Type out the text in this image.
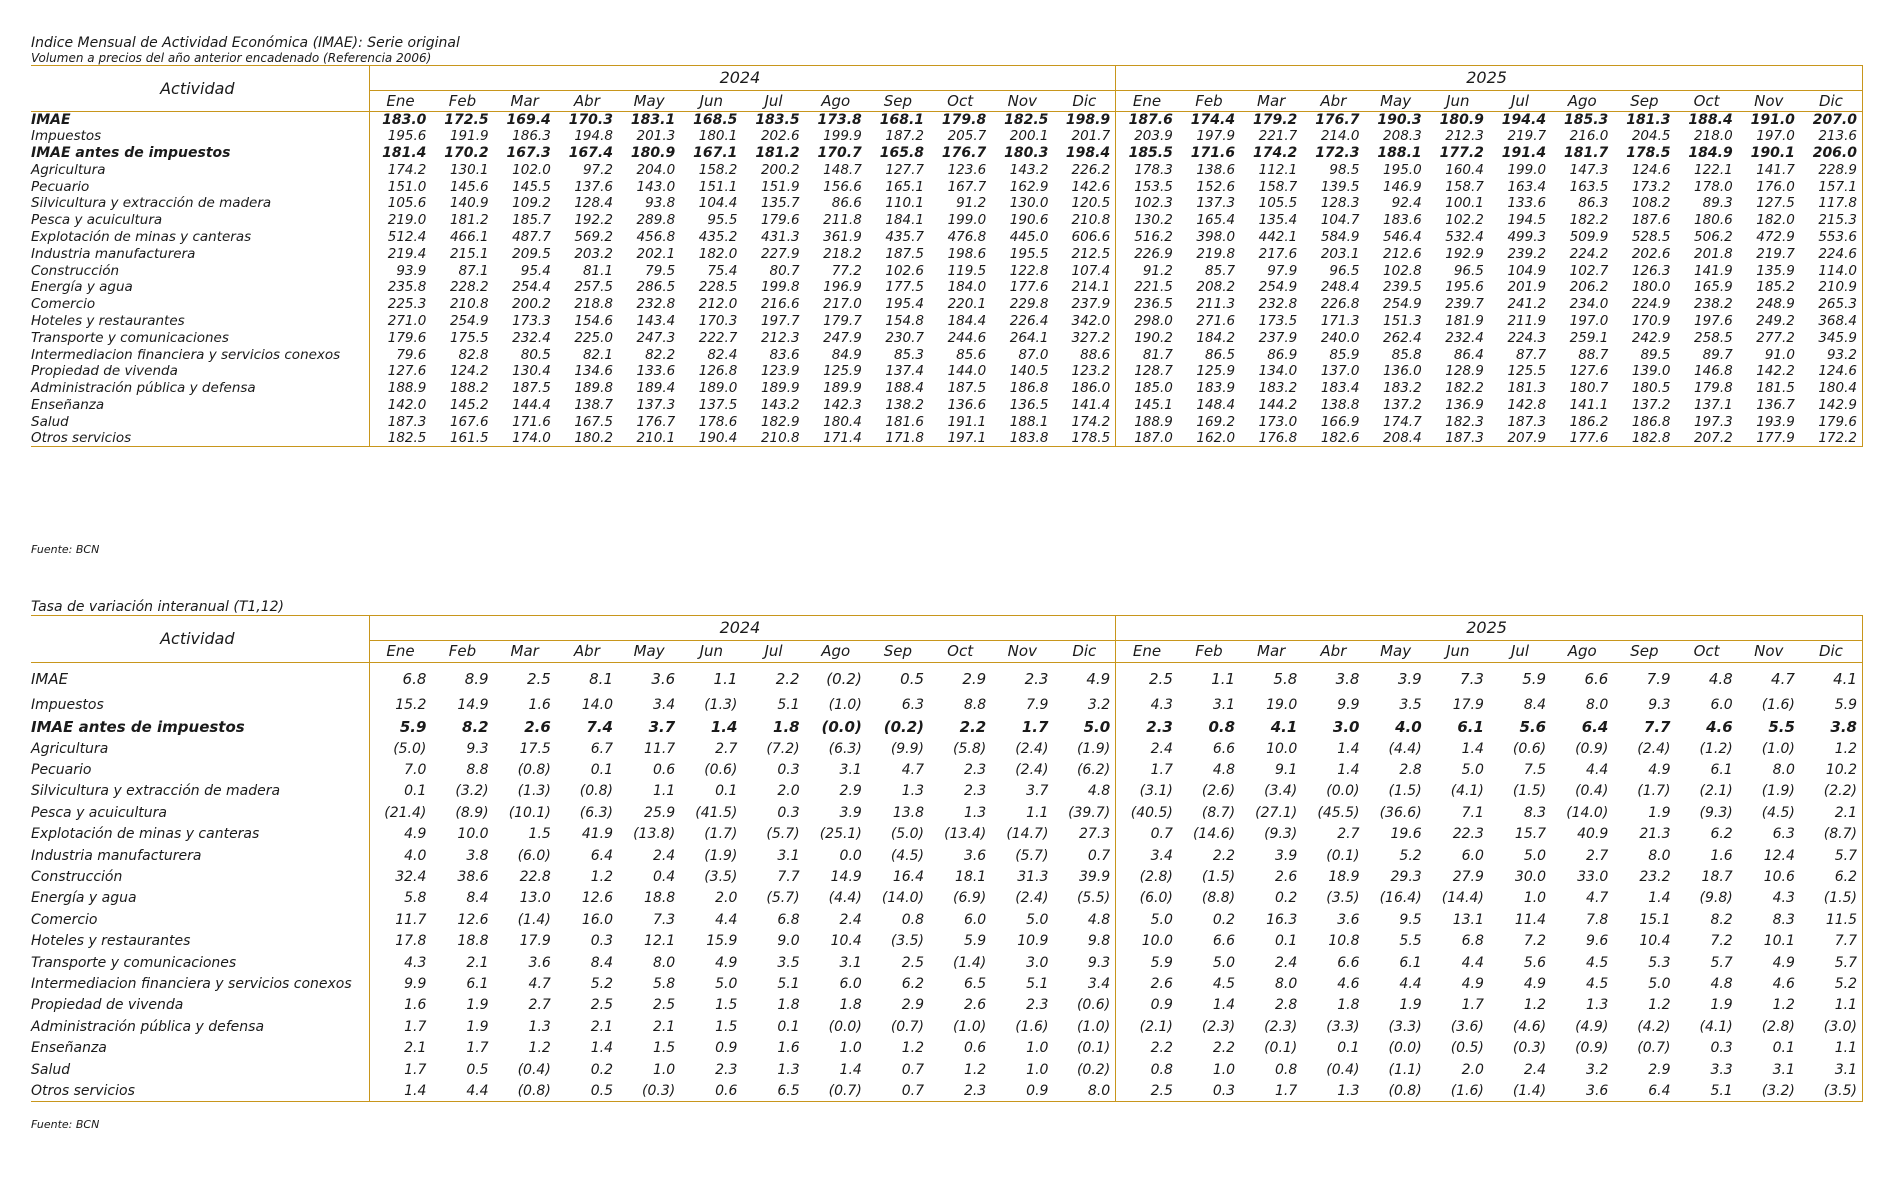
Indice Mensual de Actividad Económica (IMAE): Serie original
Volumen a precios del año anterior encadenado (Referencia 2006)
Actividad	2024												2025											
	Ene	Feb	Mar	Abr	May	Jun	Jul	Ago	Sep	Oct	Nov	Dic	Ene	Feb	Mar	Abr	May	Jun	Jul	Ago	Sep	Oct	Nov	Dic
IMAE	183.0	172.5	169.4	170.3	183.1	168.5	183.5	173.8	168.1	179.8	182.5	198.9	187.6	174.4	179.2	176.7	190.3	180.9	194.4	185.3	181.3	188.4	191.0	207.0
Impuestos	195.6	191.9	186.3	194.8	201.3	180.1	202.6	199.9	187.2	205.7	200.1	201.7	203.9	197.9	221.7	214.0	208.3	212.3	219.7	216.0	204.5	218.0	197.0	213.6
IMAE antes de impuestos	181.4	170.2	167.3	167.4	180.9	167.1	181.2	170.7	165.8	176.7	180.3	198.4	185.5	171.6	174.2	172.3	188.1	177.2	191.4	181.7	178.5	184.9	190.1	206.0
Agricultura	174.2	130.1	102.0	97.2	204.0	158.2	200.2	148.7	127.7	123.6	143.2	226.2	178.3	138.6	112.1	98.5	195.0	160.4	199.0	147.3	124.6	122.1	141.7	228.9
Pecuario	151.0	145.6	145.5	137.6	143.0	151.1	151.9	156.6	165.1	167.7	162.9	142.6	153.5	152.6	158.7	139.5	146.9	158.7	163.4	163.5	173.2	178.0	176.0	157.1
Silvicultura y extracción de madera	105.6	140.9	109.2	128.4	93.8	104.4	135.7	86.6	110.1	91.2	130.0	120.5	102.3	137.3	105.5	128.3	92.4	100.1	133.6	86.3	108.2	89.3	127.5	117.8
Pesca y acuicultura	219.0	181.2	185.7	192.2	289.8	95.5	179.6	211.8	184.1	199.0	190.6	210.8	130.2	165.4	135.4	104.7	183.6	102.2	194.5	182.2	187.6	180.6	182.0	215.3
Explotación de minas y canteras	512.4	466.1	487.7	569.2	456.8	435.2	431.3	361.9	435.7	476.8	445.0	606.6	516.2	398.0	442.1	584.9	546.4	532.4	499.3	509.9	528.5	506.2	472.9	553.6
Industria manufacturera	219.4	215.1	209.5	203.2	202.1	182.0	227.9	218.2	187.5	198.6	195.5	212.5	226.9	219.8	217.6	203.1	212.6	192.9	239.2	224.2	202.6	201.8	219.7	224.6
Construcción	93.9	87.1	95.4	81.1	79.5	75.4	80.7	77.2	102.6	119.5	122.8	107.4	91.2	85.7	97.9	96.5	102.8	96.5	104.9	102.7	126.3	141.9	135.9	114.0
Energía y agua	235.8	228.2	254.4	257.5	286.5	228.5	199.8	196.9	177.5	184.0	177.6	214.1	221.5	208.2	254.9	248.4	239.5	195.6	201.9	206.2	180.0	165.9	185.2	210.9
Comercio	225.3	210.8	200.2	218.8	232.8	212.0	216.6	217.0	195.4	220.1	229.8	237.9	236.5	211.3	232.8	226.8	254.9	239.7	241.2	234.0	224.9	238.2	248.9	265.3
Hoteles y restaurantes	271.0	254.9	173.3	154.6	143.4	170.3	197.7	179.7	154.8	184.4	226.4	342.0	298.0	271.6	173.5	171.3	151.3	181.9	211.9	197.0	170.9	197.6	249.2	368.4
Transporte y comunicaciones	179.6	175.5	232.4	225.0	247.3	222.7	212.3	247.9	230.7	244.6	264.1	327.2	190.2	184.2	237.9	240.0	262.4	232.4	224.3	259.1	242.9	258.5	277.2	345.9
Intermediacion financiera y servicios conexos	79.6	82.8	80.5	82.1	82.2	82.4	83.6	84.9	85.3	85.6	87.0	88.6	81.7	86.5	86.9	85.9	85.8	86.4	87.7	88.7	89.5	89.7	91.0	93.2
Propiedad de vivenda	127.6	124.2	130.4	134.6	133.6	126.8	123.9	125.9	137.4	144.0	140.5	123.2	128.7	125.9	134.0	137.0	136.0	128.9	125.5	127.6	139.0	146.8	142.2	124.6
Administración pública y defensa	188.9	188.2	187.5	189.8	189.4	189.0	189.9	189.9	188.4	187.5	186.8	186.0	185.0	183.9	183.2	183.4	183.2	182.2	181.3	180.7	180.5	179.8	181.5	180.4
Enseñanza	142.0	145.2	144.4	138.7	137.3	137.5	143.2	142.3	138.2	136.6	136.5	141.4	145.1	148.4	144.2	138.8	137.2	136.9	142.8	141.1	137.2	137.1	136.7	142.9
Salud	187.3	167.6	171.6	167.5	176.7	178.6	182.9	180.4	181.6	191.1	188.1	174.2	188.9	169.2	173.0	166.9	174.7	182.3	187.3	186.2	186.8	197.3	193.9	179.6
Otros servicios	182.5	161.5	174.0	180.2	210.1	190.4	210.8	171.4	171.8	197.1	183.8	178.5	187.0	162.0	176.8	182.6	208.4	187.3	207.9	177.6	182.8	207.2	177.9	172.2
Fuente: BCN
Tasa de variación interanual (T1,12)
Actividad	2024												2025											
	Ene	Feb	Mar	Abr	May	Jun	Jul	Ago	Sep	Oct	Nov	Dic	Ene	Feb	Mar	Abr	May	Jun	Jul	Ago	Sep	Oct	Nov	Dic
IMAE	6.8	8.9	2.5	8.1	3.6	1.1	2.2	(0.2)	0.5	2.9	2.3	4.9	2.5	1.1	5.8	3.8	3.9	7.3	5.9	6.6	7.9	4.8	4.7	4.1
Impuestos	15.2	14.9	1.6	14.0	3.4	(1.3)	5.1	(1.0)	6.3	8.8	7.9	3.2	4.3	3.1	19.0	9.9	3.5	17.9	8.4	8.0	9.3	6.0	(1.6)	5.9
IMAE antes de impuestos	5.9	8.2	2.6	7.4	3.7	1.4	1.8	(0.0)	(0.2)	2.2	1.7	5.0	2.3	0.8	4.1	3.0	4.0	6.1	5.6	6.4	7.7	4.6	5.5	3.8
Agricultura	(5.0)	9.3	17.5	6.7	11.7	2.7	(7.2)	(6.3)	(9.9)	(5.8)	(2.4)	(1.9)	2.4	6.6	10.0	1.4	(4.4)	1.4	(0.6)	(0.9)	(2.4)	(1.2)	(1.0)	1.2
Pecuario	7.0	8.8	(0.8)	0.1	0.6	(0.6)	0.3	3.1	4.7	2.3	(2.4)	(6.2)	1.7	4.8	9.1	1.4	2.8	5.0	7.5	4.4	4.9	6.1	8.0	10.2
Silvicultura y extracción de madera	0.1	(3.2)	(1.3)	(0.8)	1.1	0.1	2.0	2.9	1.3	2.3	3.7	4.8	(3.1)	(2.6)	(3.4)	(0.0)	(1.5)	(4.1)	(1.5)	(0.4)	(1.7)	(2.1)	(1.9)	(2.2)
Pesca y acuicultura	(21.4)	(8.9)	(10.1)	(6.3)	25.9	(41.5)	0.3	3.9	13.8	1.3	1.1	(39.7)	(40.5)	(8.7)	(27.1)	(45.5)	(36.6)	7.1	8.3	(14.0)	1.9	(9.3)	(4.5)	2.1
Explotación de minas y canteras	4.9	10.0	1.5	41.9	(13.8)	(1.7)	(5.7)	(25.1)	(5.0)	(13.4)	(14.7)	27.3	0.7	(14.6)	(9.3)	2.7	19.6	22.3	15.7	40.9	21.3	6.2	6.3	(8.7)
Industria manufacturera	4.0	3.8	(6.0)	6.4	2.4	(1.9)	3.1	0.0	(4.5)	3.6	(5.7)	0.7	3.4	2.2	3.9	(0.1)	5.2	6.0	5.0	2.7	8.0	1.6	12.4	5.7
Construcción	32.4	38.6	22.8	1.2	0.4	(3.5)	7.7	14.9	16.4	18.1	31.3	39.9	(2.8)	(1.5)	2.6	18.9	29.3	27.9	30.0	33.0	23.2	18.7	10.6	6.2
Energía y agua	5.8	8.4	13.0	12.6	18.8	2.0	(5.7)	(4.4)	(14.0)	(6.9)	(2.4)	(5.5)	(6.0)	(8.8)	0.2	(3.5)	(16.4)	(14.4)	1.0	4.7	1.4	(9.8)	4.3	(1.5)
Comercio	11.7	12.6	(1.4)	16.0	7.3	4.4	6.8	2.4	0.8	6.0	5.0	4.8	5.0	0.2	16.3	3.6	9.5	13.1	11.4	7.8	15.1	8.2	8.3	11.5
Hoteles y restaurantes	17.8	18.8	17.9	0.3	12.1	15.9	9.0	10.4	(3.5)	5.9	10.9	9.8	10.0	6.6	0.1	10.8	5.5	6.8	7.2	9.6	10.4	7.2	10.1	7.7
Transporte y comunicaciones	4.3	2.1	3.6	8.4	8.0	4.9	3.5	3.1	2.5	(1.4)	3.0	9.3	5.9	5.0	2.4	6.6	6.1	4.4	5.6	4.5	5.3	5.7	4.9	5.7
Intermediacion financiera y servicios conexos	9.9	6.1	4.7	5.2	5.8	5.0	5.1	6.0	6.2	6.5	5.1	3.4	2.6	4.5	8.0	4.6	4.4	4.9	4.9	4.5	5.0	4.8	4.6	5.2
Propiedad de vivenda	1.6	1.9	2.7	2.5	2.5	1.5	1.8	1.8	2.9	2.6	2.3	(0.6)	0.9	1.4	2.8	1.8	1.9	1.7	1.2	1.3	1.2	1.9	1.2	1.1
Administración pública y defensa	1.7	1.9	1.3	2.1	2.1	1.5	0.1	(0.0)	(0.7)	(1.0)	(1.6)	(1.0)	(2.1)	(2.3)	(2.3)	(3.3)	(3.3)	(3.6)	(4.6)	(4.9)	(4.2)	(4.1)	(2.8)	(3.0)
Enseñanza	2.1	1.7	1.2	1.4	1.5	0.9	1.6	1.0	1.2	0.6	1.0	(0.1)	2.2	2.2	(0.1)	0.1	(0.0)	(0.5)	(0.3)	(0.9)	(0.7)	0.3	0.1	1.1
Salud	1.7	0.5	(0.4)	0.2	1.0	2.3	1.3	1.4	0.7	1.2	1.0	(0.2)	0.8	1.0	0.8	(0.4)	(1.1)	2.0	2.4	3.2	2.9	3.3	3.1	3.1
Otros servicios	1.4	4.4	(0.8)	0.5	(0.3)	0.6	6.5	(0.7)	0.7	2.3	0.9	8.0	2.5	0.3	1.7	1.3	(0.8)	(1.6)	(1.4)	3.6	6.4	5.1	(3.2)	(3.5)
Fuente: BCN
